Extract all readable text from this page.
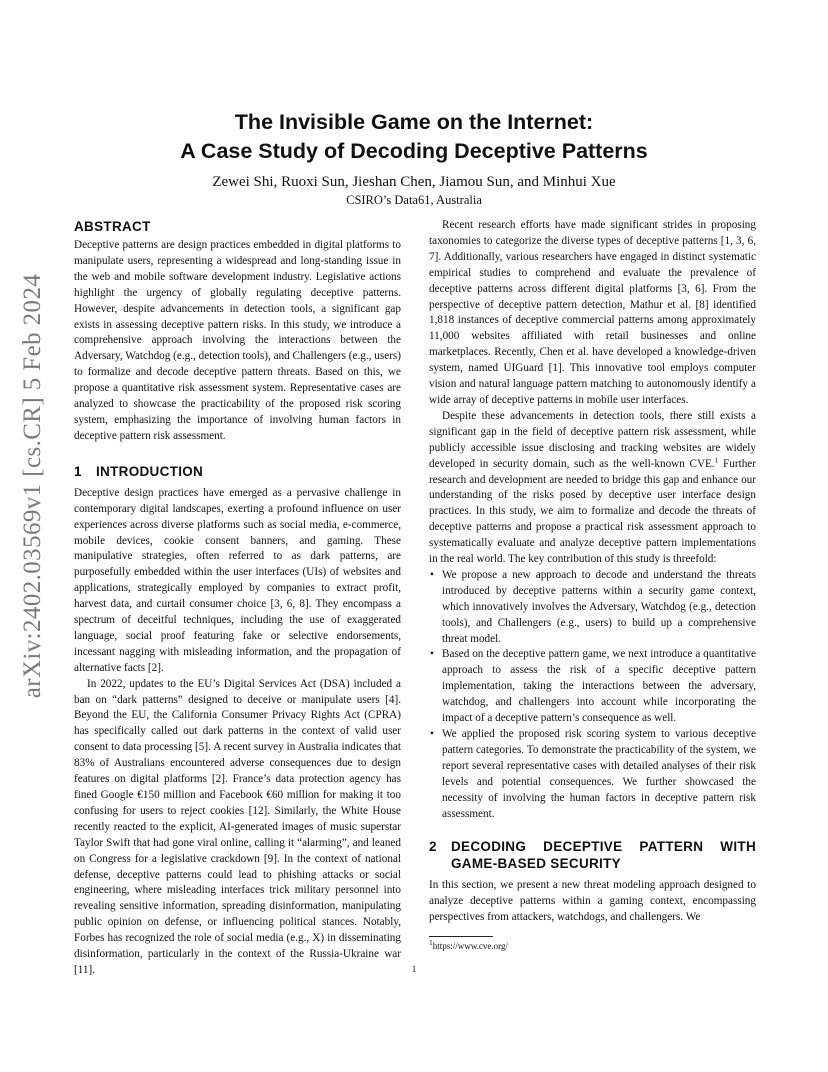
arXiv:2402.03569v1 [cs.CR] 5 Feb 2024
The Invisible Game on the Internet:
A Case Study of Decoding Deceptive Patterns
Zewei Shi, Ruoxi Sun, Jieshan Chen, Jiamou Sun, and Minhui Xue
CSIRO’s Data61, Australia
ABSTRACT

Deceptive patterns are design practices embedded in digital platforms to manipulate users, representing a widespread and long-standing issue in the web and mobile software development industry. Legislative actions highlight the urgency of globally regulating deceptive patterns. However, despite advancements in detection tools, a significant gap exists in assessing deceptive pattern risks. In this study, we introduce a comprehensive approach involving the interactions between the Adversary, Watchdog (e.g., detection tools), and Challengers (e.g., users) to formalize and decode deceptive pattern threats. Based on this, we propose a quantitative risk assessment system. Representative cases are analyzed to showcase the practicability of the proposed risk scoring system, emphasizing the importance of involving human factors in deceptive pattern risk assessment.

1	INTRODUCTION

Deceptive design practices have emerged as a pervasive challenge in contemporary digital landscapes, exerting a profound influence on user experiences across diverse platforms such as social media, e-commerce, mobile devices, cookie consent banners, and gaming. These manipulative strategies, often referred to as dark patterns, are purposefully embedded within the user interfaces (UIs) of websites and applications, strategically employed by companies to extract profit, harvest data, and curtail consumer choice [3, 6, 8]. They encompass a spectrum of deceitful techniques, including the use of exaggerated language, social proof featuring fake or selective endorsements, incessant nagging with misleading information, and the propagation of alternative facts [2].

In 2022, updates to the EU’s Digital Services Act (DSA) included a ban on “dark patterns” designed to deceive or manipulate users [4]. Beyond the EU, the California Consumer Privacy Rights Act (CPRA) has specifically called out dark patterns in the context of valid user consent to data processing [5]. A recent survey in Australia indicates that 83% of Australians encountered adverse consequences due to design features on digital platforms [2]. France’s data protection agency has fined Google €150 million and Facebook €60 million for making it too confusing for users to reject cookies [12]. Similarly, the White House recently reacted to the explicit, AI-generated images of music superstar Taylor Swift that had gone viral online, calling it “alarming”, and leaned on Congress for a legislative crackdown [9]. In the context of national defense, deceptive patterns could lead to phishing attacks or social engineering, where misleading interfaces trick military personnel into revealing sensitive information, spreading disinformation, manipulating public opinion on defense, or influencing political stances. Notably, Forbes has recognized the role of social media (e.g., X) in disseminating disinformation, particularly in the context of the Russia-Ukraine war [11].

Recent research efforts have made significant strides in proposing taxonomies to categorize the diverse types of deceptive patterns [1, 3, 6, 7]. Additionally, various researchers have engaged in distinct systematic empirical studies to comprehend and evaluate the prevalence of deceptive patterns across different digital platforms [3, 6]. From the perspective of deceptive pattern detection, Mathur et al. [8] identified 1,818 instances of deceptive commercial patterns among approximately 11,000 websites affiliated with retail businesses and online marketplaces. Recently, Chen et al. have developed a knowledge-driven system, named UIGuard [1]. This innovative tool employs computer vision and natural language pattern matching to autonomously identify a wide array of deceptive patterns in mobile user interfaces.

Despite these advancements in detection tools, there still exists a significant gap in the field of deceptive pattern risk assessment, while publicly accessible issue disclosing and tracking websites are widely developed in security domain, such as the well-known CVE.$^1$ Further research and development are needed to bridge this gap and enhance our understanding of the risks posed by deceptive user interface design practices. In this study, we aim to formalize and decode the threats of deceptive patterns and propose a practical risk assessment approach to systematically evaluate and analyze deceptive pattern implementations in the real world. The key contribution of this study is threefold:

• We propose a new approach to decode and understand the threats introduced by deceptive patterns within a security game context, which innovatively involves the Adversary, Watchdog (e.g., detection tools), and Challengers (e.g., users) to build up a comprehensive threat model.
• Based on the deceptive pattern game, we next introduce a quantitative approach to assess the risk of a specific deceptive pattern implementation, taking the interactions between the adversary, watchdog, and challengers into account while incorporating the impact of a deceptive pattern’s consequence as well.
• We applied the proposed risk scoring system to various deceptive pattern categories. To demonstrate the practicability of the system, we report several representative cases with detailed analyses of their risk levels and potential consequences. We further showcased the necessity of involving the human factors in deceptive pattern risk assessment.
2	DECODING DECEPTIVE PATTERN WITH GAME-BASED SECURITY

In this section, we present a new threat modeling approach designed to analyze deceptive patterns within a gaming context, encompassing perspectives from attackers, watchdogs, and challengers. We

$^1$https://www.cve.org/
1
